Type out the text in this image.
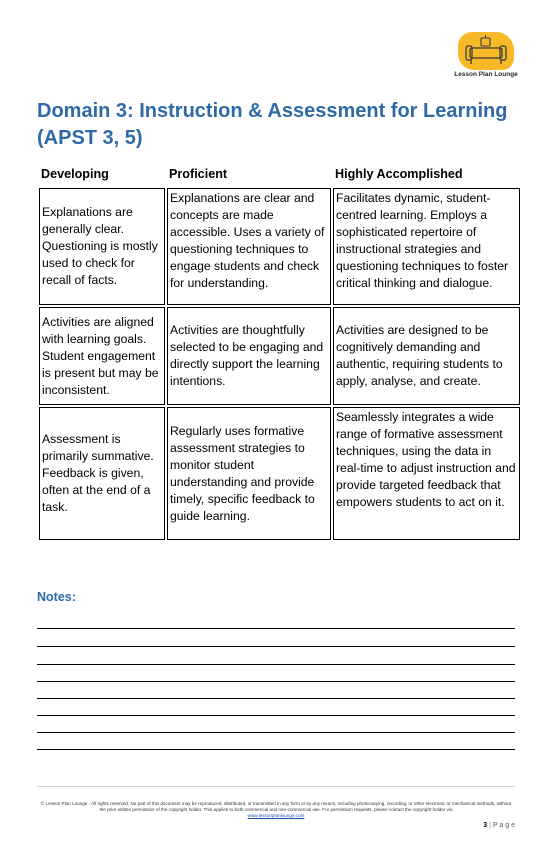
Lesson Plan Lounge
Domain 3: Instruction & Assessment for Learning (APST 3, 5)
Developing	Proficient	Highly Accomplished
Explanations are generally clear. Questioning is mostly used to check for recall of facts.	Explanations are clear and concepts are made accessible. Uses a variety of questioning techniques to engage students and check for understanding.	Facilitates dynamic, student-centred learning. Employs a sophisticated repertoire of instructional strategies and questioning techniques to foster critical thinking and dialogue.
Activities are aligned with learning goals. Student engagement is present but may be inconsistent.	Activities are thoughtfully selected to be engaging and directly support the learning intentions.	Activities are designed to be cognitively demanding and authentic, requiring students to apply, analyse, and create.
Assessment is primarily summative. Feedback is given, often at the end of a task.	Regularly uses formative assessment strategies to monitor student understanding and provide timely, specific feedback to guide learning.	Seamlessly integrates a wide range of formative assessment techniques, using the data in real-time to adjust instruction and provide targeted feedback that empowers students to act on it.
Notes:
© Lesson Plan Lounge - All rights reserved. No part of this document may be reproduced, distributed, or transmitted in any form or by any means, including photocopying, recording, or other electronic or mechanical methods, without the prior written permission of the copyright holder. This applies to both commercial and non-commercial use. For permission requests, please contact the copyright holder via
www.lessonplanlounge.com
3 | P a g e
